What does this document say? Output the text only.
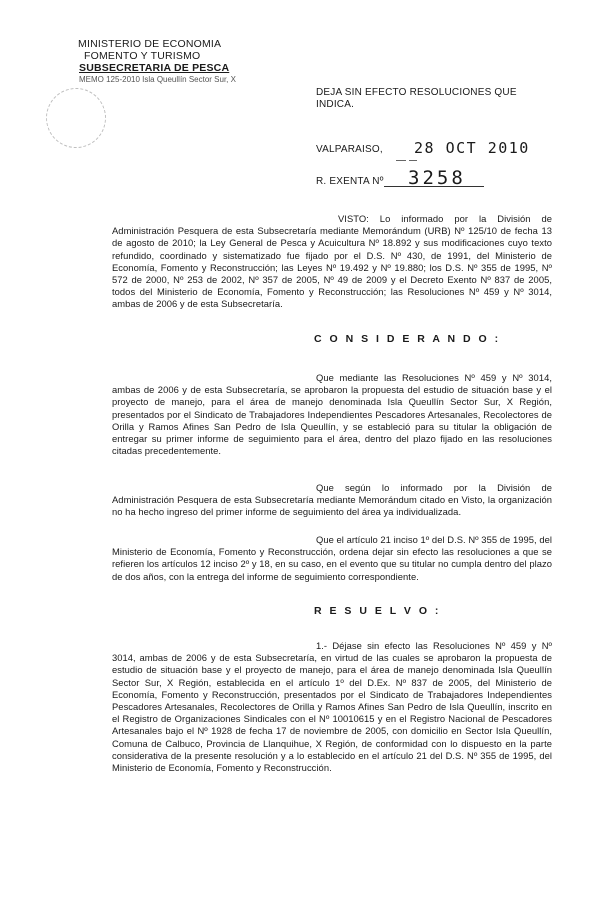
MINISTERIO DE ECONOMIA
FOMENTO Y TURISMO
SUBSECRETARIA DE PESCA
MEMO 125-2010 Isla Queullín Sector Sur, X
DEJA SIN EFECTO RESOLUCIONES QUE
INDICA.
VALPARAISO, 28 OCT 2010
R. EXENTA Nº 3258
VISTO: Lo informado por la División de Administración Pesquera de esta Subsecretaría mediante Memorándum (URB) Nº 125/10 de fecha 13 de agosto de 2010; la Ley General de Pesca y Acuicultura Nº 18.892 y sus modificaciones cuyo texto refundido, coordinado y sistematizado fue fijado por el D.S. Nº 430, de 1991, del Ministerio de Economía, Fomento y Reconstrucción; las Leyes Nº 19.492 y Nº 19.880; los D.S. Nº 355 de 1995, Nº 572 de 2000, Nº 253 de 2002, Nº 357 de 2005, Nº 49 de 2009 y el Decreto Exento Nº 837 de 2005, todos del Ministerio de Economía, Fomento y Reconstrucción; las Resoluciones Nº 459 y Nº 3014, ambas de 2006 y de esta Subsecretaría.
C O N S I D E R A N D O :
Que mediante las Resoluciones Nº 459 y Nº 3014, ambas de 2006 y de esta Subsecretaría, se aprobaron la propuesta del estudio de situación base y el proyecto de manejo, para el área de manejo denominada Isla Queullín Sector Sur, X Región, presentados por el Sindicato de Trabajadores Independientes Pescadores Artesanales, Recolectores de Orilla y Ramos Afines San Pedro de Isla Queullín, y se estableció para su titular la obligación de entregar su primer informe de seguimiento para el área, dentro del plazo fijado en las resoluciones citadas precedentemente.
Que según lo informado por la División de Administración Pesquera de esta Subsecretaría mediante Memorándum citado en Visto, la organización no ha hecho ingreso del primer informe de seguimiento del área ya individualizada.
Que el artículo 21 inciso 1º del D.S. Nº 355 de 1995, del Ministerio de Economía, Fomento y Reconstrucción, ordena dejar sin efecto las resoluciones a que se refieren los artículos 12 inciso 2º y 18, en su caso, en el evento que su titular no cumpla dentro del plazo de dos años, con la entrega del informe de seguimiento correspondiente.
R E S U E L V O :
1.- Déjase sin efecto las Resoluciones Nº 459 y Nº 3014, ambas de 2006 y de esta Subsecretaría, en virtud de las cuales se aprobaron la propuesta de estudio de situación base y el proyecto de manejo, para el área de manejo denominada Isla Queullín Sector Sur, X Región, establecida en el artículo 1º del D.Ex. Nº 837 de 2005, del Ministerio de Economía, Fomento y Reconstrucción, presentados por el Sindicato de Trabajadores Independientes Pescadores Artesanales, Recolectores de Orilla y Ramos Afines San Pedro de Isla Queullín, inscrito en el Registro de Organizaciones Sindicales con el Nº 10010615 y en el Registro Nacional de Pescadores Artesanales bajo el Nº 1928 de fecha 17 de noviembre de 2005, con domicilio en Sector Isla Queullín, Comuna de Calbuco, Provincia de Llanquihue, X Región, de conformidad con lo dispuesto en la parte considerativa de la presente resolución y a lo establecido en el artículo 21 del D.S. Nº 355 de 1995, del Ministerio de Economía, Fomento y Reconstrucción.
